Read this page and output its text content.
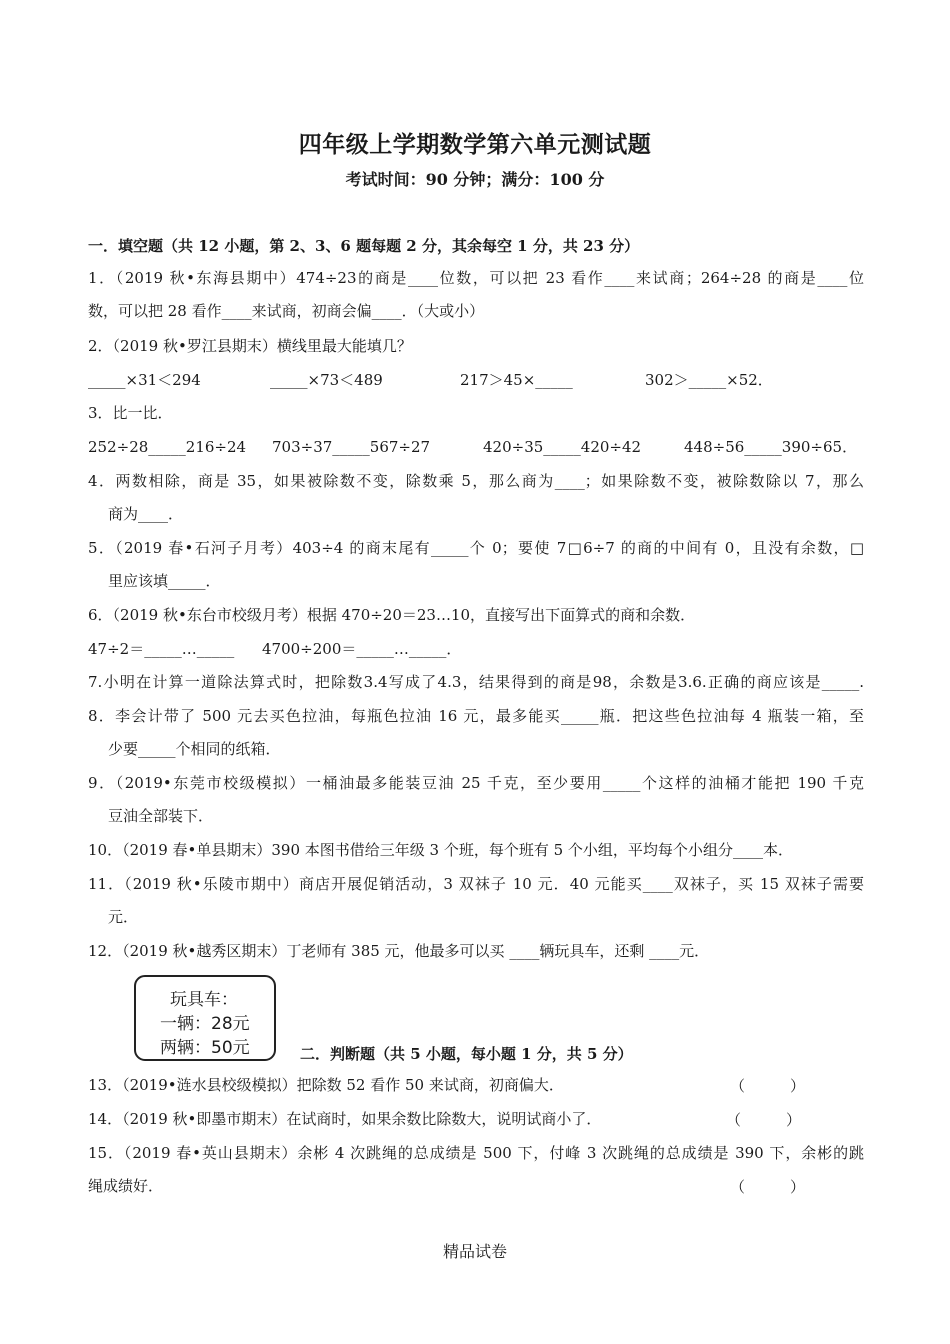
四年级上学期数学第六单元测试题
考试时间：90 分钟；满分：100 分
一．填空题（共 12 小题，第 2、3、6 题每题 2 分，其余每空 1 分，共 23 分）
1．（2019 秋•东海县期中）474÷23的商是____位数，可以把 23 看作____来试商；264÷28 的商是____位
数，可以把 28 看作____来试商，初商会偏____．（大或小）
2．（2019 秋•罗江县期末）横线里最大能填几？
_____×31＜294	_____×73＜489	217＞45×_____	302＞_____×52．
3．比一比．
252÷28_____216÷24 703÷37_____567÷27	420÷35_____420÷42	448÷56_____390÷65．
4．两数相除，商是 35，如果被除数不变，除数乘 5，那么商为____；如果除数不变，被除数除以 7，那么
商为____．
5．（2019 春•石河子月考）403÷4 的商末尾有_____个 0；要使 7□6÷7 的商的中间有 0，且没有余数，□
里应该填_____．
6．（2019 秋•东台市校级月考）根据 470÷20＝23…10，直接写出下面算式的商和余数．
47÷2＝_____…_____ 4700÷200＝_____…_____．
7.小明在计算一道除法算式时，把除数3.4写成了4.3，结果得到的商是98，余数是3.6.正确的商应该是_____.
8．李会计带了 500 元去买色拉油，每瓶色拉油 16 元，最多能买_____瓶．把这些色拉油每 4 瓶装一箱，至
少要_____个相同的纸箱．
9．（2019•东莞市校级模拟）一桶油最多能装豆油 25 千克，至少要用_____个这样的油桶才能把 190 千克
豆油全部装下．
10．（2019 春•单县期末）390 本图书借给三年级 3 个班，每个班有 5 个小组，平均每个小组分____本．
11．（2019 秋•乐陵市期中）商店开展促销活动，3 双袜子 10 元．40 元能买____双袜子，买 15 双袜子需要
元．
12．（2019 秋•越秀区期末）丁老师有 385 元，他最多可以买 ____辆玩具车，还剩 ____元．
玩具车：
一辆：28元
两辆：50元	二．判断题（共 5 小题，每小题 1 分，共 5 分）
13．（2019•涟水县校级模拟）把除数 52 看作 50 来试商，初商偏大．	（　　　）
14．（2019 秋•即墨市期末）在试商时，如果余数比除数大，说明试商小了．	（　　　）
15．（2019 春•英山县期末）余彬 4 次跳绳的总成绩是 500 下，付峰 3 次跳绳的总成绩是 390 下，余彬的跳
绳成绩好．	（　　　）
精品试卷
